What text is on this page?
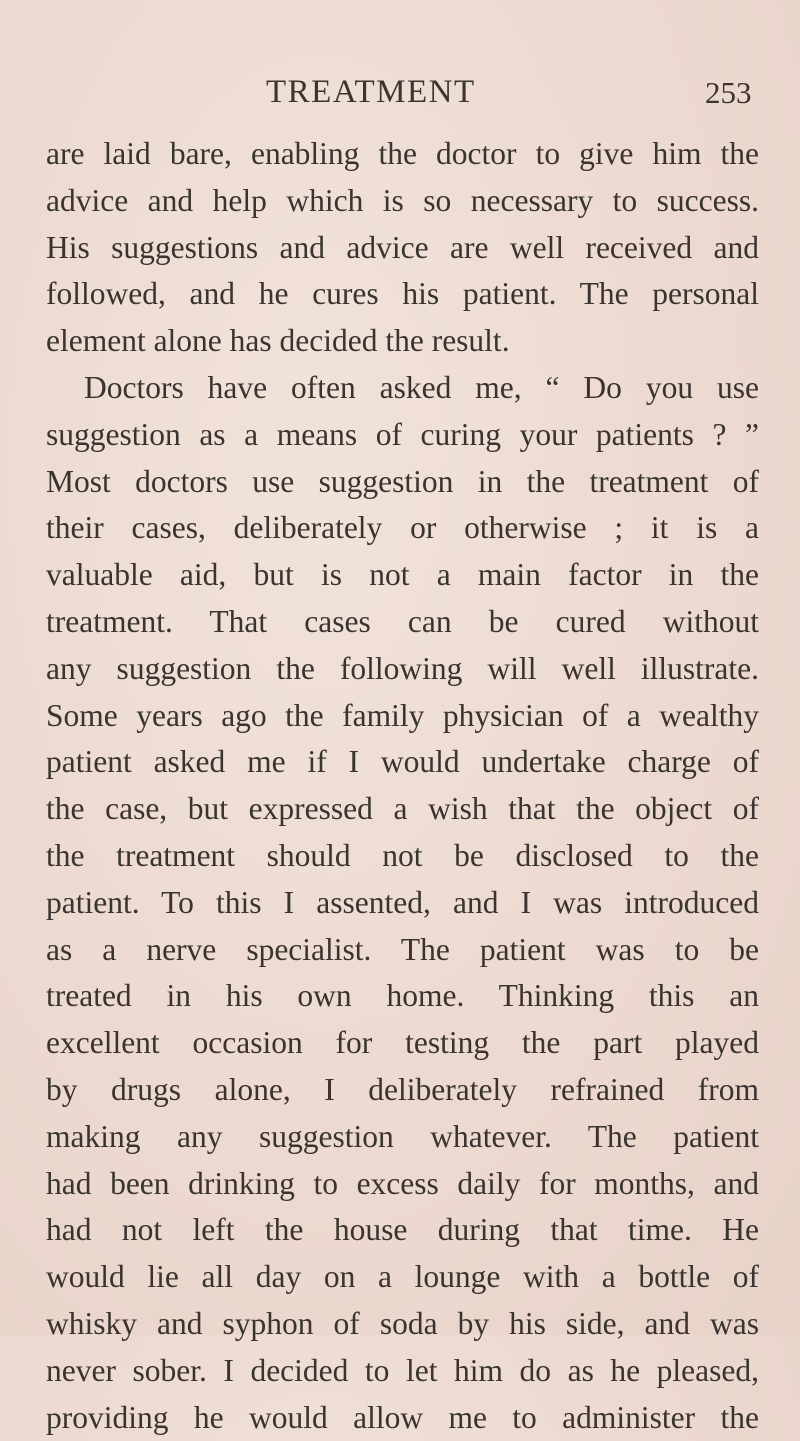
TREATMENT	253
are laid bare, enabling the doctor to give him the
advice and help which is so necessary to success.
His suggestions and advice are well received and
followed, and he cures his patient. The personal
element alone has decided the result.
Doctors have often asked me, “ Do you use
suggestion as a means of curing your patients ? ”
Most doctors use suggestion in the treatment of
their cases, deliberately or otherwise ; it is a
valuable aid, but is not a main factor in the
treatment. That cases can be cured without
any suggestion the following will well illustrate.
Some years ago the family physician of a wealthy
patient asked me if I would undertake charge of
the case, but expressed a wish that the object of
the treatment should not be disclosed to the
patient. To this I assented, and I was introduced
as a nerve specialist. The patient was to be
treated in his own home. Thinking this an
excellent occasion for testing the part played
by drugs alone, I deliberately refrained from
making any suggestion whatever. The patient
had been drinking to excess daily for months, and
had not left the house during that time. He
would lie all day on a lounge with a bottle of
whisky and syphon of soda by his side, and was
never sober. I decided to let him do as he pleased,
providing he would allow me to administer the
